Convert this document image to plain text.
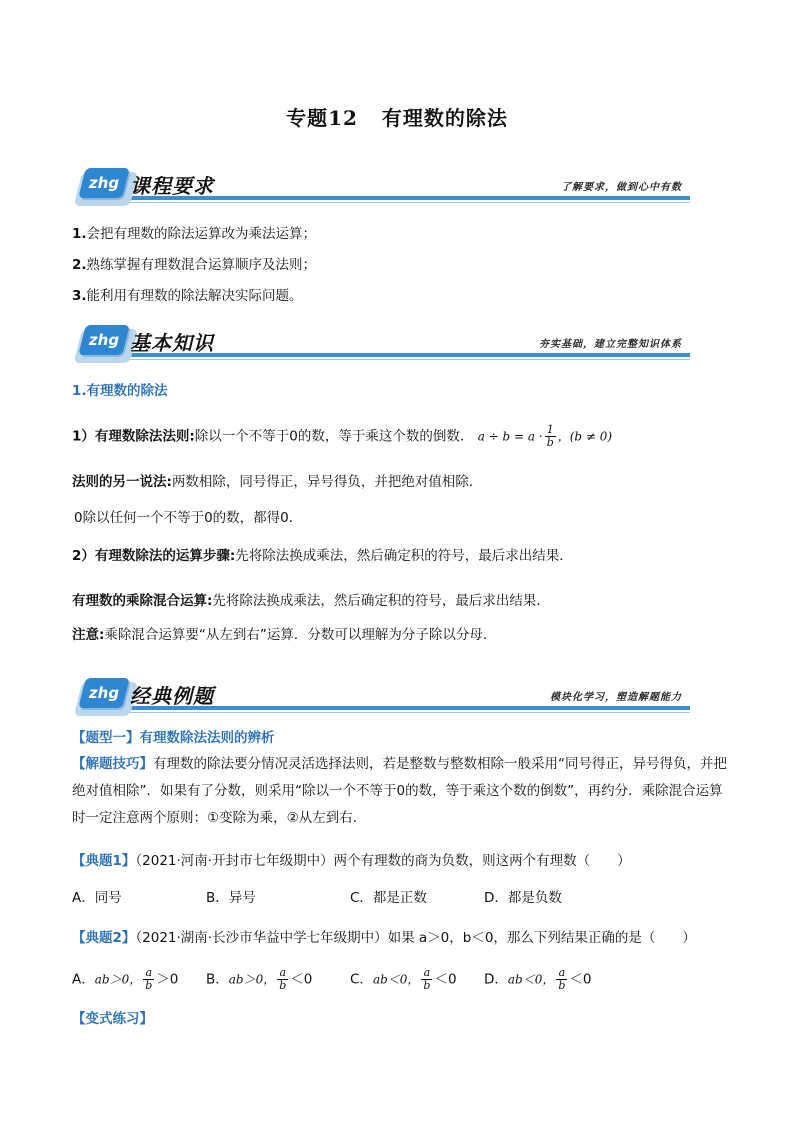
专题12 有理数的除法
zhg 课程要求	了解要求，做到心中有数
1.会把有理数的除法运算改为乘法运算；
2.熟练掌握有理数混合运算顺序及法则；
3.能利用有理数的除法解决实际问题。
zhg 基本知识	夯实基础，建立完整知识体系
1.有理数的除法
1）有理数除法法则:除以一个不等于0的数，等于乘这个数的倒数． $a \div b = a \cdot \frac{1}{b}$ ，(b ≠ 0)
法则的另一说法:两数相除，同号得正，异号得负，并把绝对值相除．
0除以任何一个不等于0的数，都得0．
2）有理数除法的运算步骤:先将除法换成乘法，然后确定积的符号，最后求出结果．
有理数的乘除混合运算:先将除法换成乘法，然后确定积的符号，最后求出结果．
注意:乘除混合运算要“从左到右”运算．分数可以理解为分子除以分母．
zhg 经典例题	模块化学习，塑造解题能力
【题型一】有理数除法法则的辨析
【解题技巧】有理数的除法要分情况灵活选择法则，若是整数与整数相除一般采用“同号得正，异号得负，并把绝对值相除”．如果有了分数，则采用“除以一个不等于0的数，等于乘这个数的倒数”，再约分．乘除混合运算时一定注意两个原则：①变除为乘，②从左到右．
【典题1】（2021·河南·开封市七年级期中）两个有理数的商为负数，则这两个有理数（　　）
A．同号	B．异号	C．都是正数	D．都是负数
【典题2】（2021·湖南·长沙市华益中学七年级期中）如果 a＞0，b＜0，那么下列结果正确的是（　　）
A．ab＞0， $\frac{a}{b} >0$ B．ab＞0， $\frac{a}{b} <0$	C．ab＜0， $\frac{a}{b} <0$ D．ab＜0， $\frac{a}{b} <0$
【变式练习】
